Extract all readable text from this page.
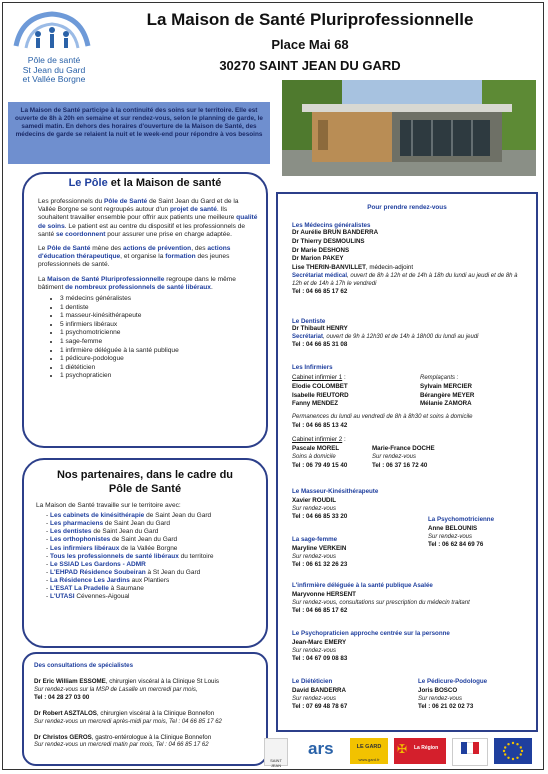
Pôle de santé
St Jean du Gard
et Vallée Borgne
La Maison de Santé Pluriprofessionnelle
Place Mai 68
30270 SAINT JEAN DU GARD
La Maison de Santé participe à la continuité des soins sur le territoire. Elle est ouverte de 8h à 20h en semaine et sur rendez-vous, selon le planning de garde, le samedi matin. En dehors des horaires d'ouverture de la Maison de Santé, des médecins de garde se relaient la nuit et le week-end pour répondre à vos besoins
Le Pôle et la Maison de santé
Les professionnels du Pôle de Santé de Saint Jean du Gard et de la Vallée Borgne se sont regroupés autour d'un projet de santé. Ils souhaitent travailler ensemble pour offrir aux patients une meilleure qualité de soins. Le patient est au centre du dispositif et les professionnels de santé se coordonnent pour assurer une prise en charge adaptée.
Le Pôle de Santé mène des actions de prévention, des actions d'éducation thérapeutique, et organise la formation des jeunes professionnels de santé.
La Maison de Santé Pluriprofessionnelle regroupe dans le même bâtiment de nombreux professionnels de santé libéraux.
• 3 médecins généralistes
• 1 dentiste
• 1 masseur-kinésithérapeute
• 5 infirmiers libéraux
• 1 psychomotricienne
• 1 sage-femme
• 1 infirmière déléguée à la santé publique
• 1 pédicure-podologue
• 1 diététicien
• 1 psychopraticien
Nos partenaires, dans le cadre du
Pôle de Santé
La Maison de Santé travaille sur le territoire avec:
- Les cabinets de kinésithérapie de Saint Jean du Gard
- Les pharmaciens de Saint Jean du Gard
- Les dentistes de Saint Jean du Gard
- Les orthophonistes de Saint Jean du Gard
- Les infirmiers libéraux de la Vallée Borgne
- Tous les professionnels de santé libéraux du territoire
- Le SSIAD Les Gardons - ADMR
- L'EHPAD Résidence Soubeiran à St Jean du Gard
- La Résidence Les Jardins aux Plantiers
- L'ESAT La Pradelle à Saumane
- L'UTASI Cévennes-Aigoual
Des consultations de spécialistes
Dr Eric William ESSOME, chirurgien viscéral à la Clinique St Louis
Sur rendez-vous sur la MSP de Lasalle un mercredi par mois,
Tel : 04 28 27 03 00
Dr Robert ASZTALOS, chirurgien viscéral à la Clinique Bonnefon
Sur rendez-vous un mercredi après-midi par mois, Tel : 04 66 85 17 62
Dr Christos GEROS, gastro-entérologue à la Clinique Bonnefon
Sur rendez-vous un mercredi matin par mois, Tel : 04 66 85 17 62
Pour prendre rendez-vous
Les Médecins généralistes
Dr Aurélie BRUN BANDERRA
Dr Thierry DESMOULINS
Dr Marie DESHONS
Dr Marion PAKEY
Lise THERIN-BANVILLET, médecin-adjoint
Secrétariat médical, ouvert de 8h à 12h et de 14h à 18h du lundi au jeudi et de 8h à 12h et de 14h à 17h le vendredi
Tel : 04 66 85 17 62
Le Dentiste
Dr Thibault HENRY
Secrétariat, ouvert de 9h à 12h30 et de 14h à 18h00 du lundi au jeudi
Tel : 04 66 85 31 08
Les Infirmiers
Cabinet infirmier 1 :
Elodie COLOMBET
Isabelle RIEUTORD
Fanny MENDEZ
Remplaçants :
Sylvain MERCIER
Bérangère MEYER
Mélanie ZAMORA
Permanences du lundi au vendredi de 8h à 8h30 et soins à domicile
Tel : 04 66 85 13 42
Cabinet infirmier 2 :
Pascale MOREL
Soins à domicile
Tel : 06 79 49 15 40
Marie-France DOCHE
Sur rendez-vous
Tel : 06 37 16 72 40
Le Masseur-Kinésithérapeute
Xavier ROUDIL
Sur rendez-vous
Tel : 04 66 85 33 20	La Psychomotricienne
Anne BELOUNIS
Sur rendez-vous
Tel : 06 62 84 69 76
La sage-femme
Maryline VERKEIN
Sur rendez-vous
Tel : 06 61 32 26 23
L'infirmière déléguée à la santé publique Asalée
Maryvonne HERSENT
Sur rendez-vous, consultations sur prescription du médecin traitant
Tel : 04 66 85 17 62
Le Psychopraticien approche centrée sur la personne
Jean-Marc EMERY
Sur rendez-vous
Tel : 04 67 09 08 83
Le Diététicien
David BANDERRA
Sur rendez-vous
Tel : 07 69 48 78 67
Le Pédicure-Podologue
Joris BOSCO
Sur rendez-vous
Tel : 06 21 02 02 73
SAINT JEAN
ars	LE GARD
www.gard.fr
✠ La Région
